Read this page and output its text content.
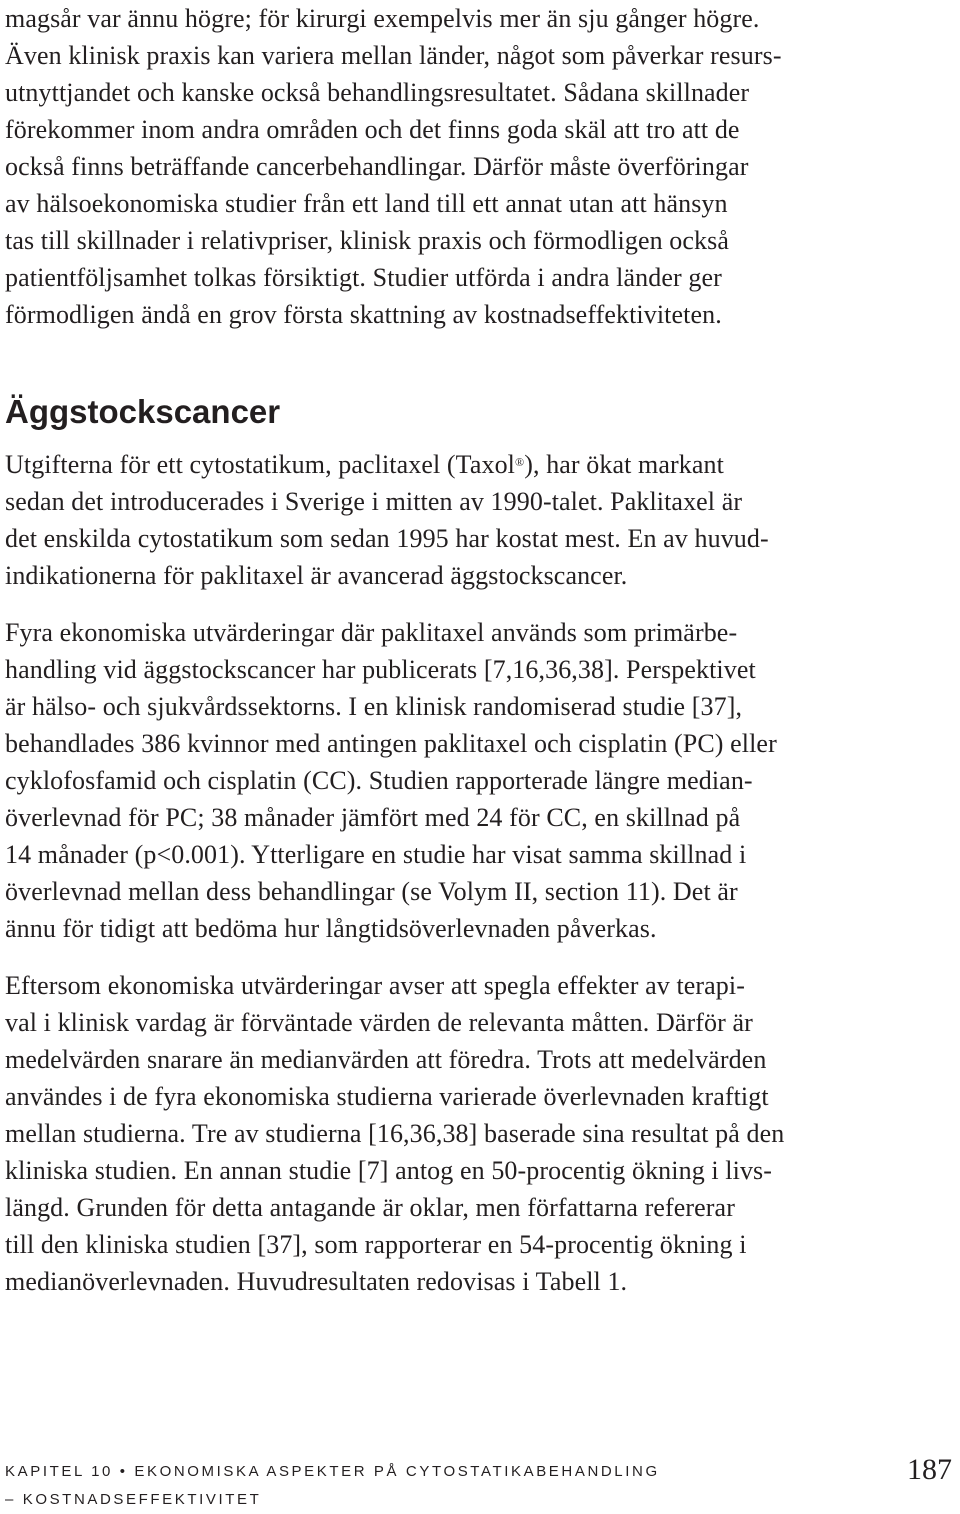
magsår var ännu högre; för kirurgi exempelvis mer än sju gånger högre.
Även klinisk praxis kan variera mellan länder, något som påverkar resurs-
utnyttjandet och kanske också behandlingsresultatet. Sådana skillnader
förekommer inom andra områden och det finns goda skäl att tro att de
också finns beträffande cancerbehandlingar. Därför måste överföringar
av hälsoekonomiska studier från ett land till ett annat utan att hänsyn
tas till skillnader i relativpriser, klinisk praxis och förmodligen också
patientföljsamhet tolkas försiktigt. Studier utförda i andra länder ger
förmodligen ändå en grov första skattning av kostnadseffektiviteten.
Äggstockscancer
Utgifterna för ett cytostatikum, paclitaxel (Taxol®), har ökat markant
sedan det introducerades i Sverige i mitten av 1990-talet. Paklitaxel är
det enskilda cytostatikum som sedan 1995 har kostat mest. En av huvud-
indikationerna för paklitaxel är avancerad äggstockscancer.
Fyra ekonomiska utvärderingar där paklitaxel används som primärbe-
handling vid äggstockscancer har publicerats [7,16,36,38]. Perspektivet
är hälso- och sjukvårdssektorns. I en klinisk randomiserad studie [37],
behandlades 386 kvinnor med antingen paklitaxel och cisplatin (PC) eller
cyklofosfamid och cisplatin (CC). Studien rapporterade längre median-
överlevnad för PC; 38 månader jämfört med 24 för CC, en skillnad på
14 månader (p<0.001). Ytterligare en studie har visat samma skillnad i
överlevnad mellan dess behandlingar (se Volym II, section 11). Det är
ännu för tidigt att bedöma hur långtidsöverlevnaden påverkas.
Eftersom ekonomiska utvärderingar avser att spegla effekter av terapi-
val i klinisk vardag är förväntade värden de relevanta måtten. Därför är
medelvärden snarare än medianvärden att föredra. Trots att medelvärden
användes i de fyra ekonomiska studierna varierade överlevnaden kraftigt
mellan studierna. Tre av studierna [16,36,38] baserade sina resultat på den
kliniska studien. En annan studie [7] antog en 50-procentig ökning i livs-
längd. Grunden för detta antagande är oklar, men författarna refererar
till den kliniska studien [37], som rapporterar en 54-procentig ökning i
medianöverlevnaden. Huvudresultaten redovisas i Tabell 1.
KAPITEL 10 • EKONOMISKA ASPEKTER PÅ CYTOSTATIKABEHANDLING
– KOSTNADSEFFEKTIVITET
187
